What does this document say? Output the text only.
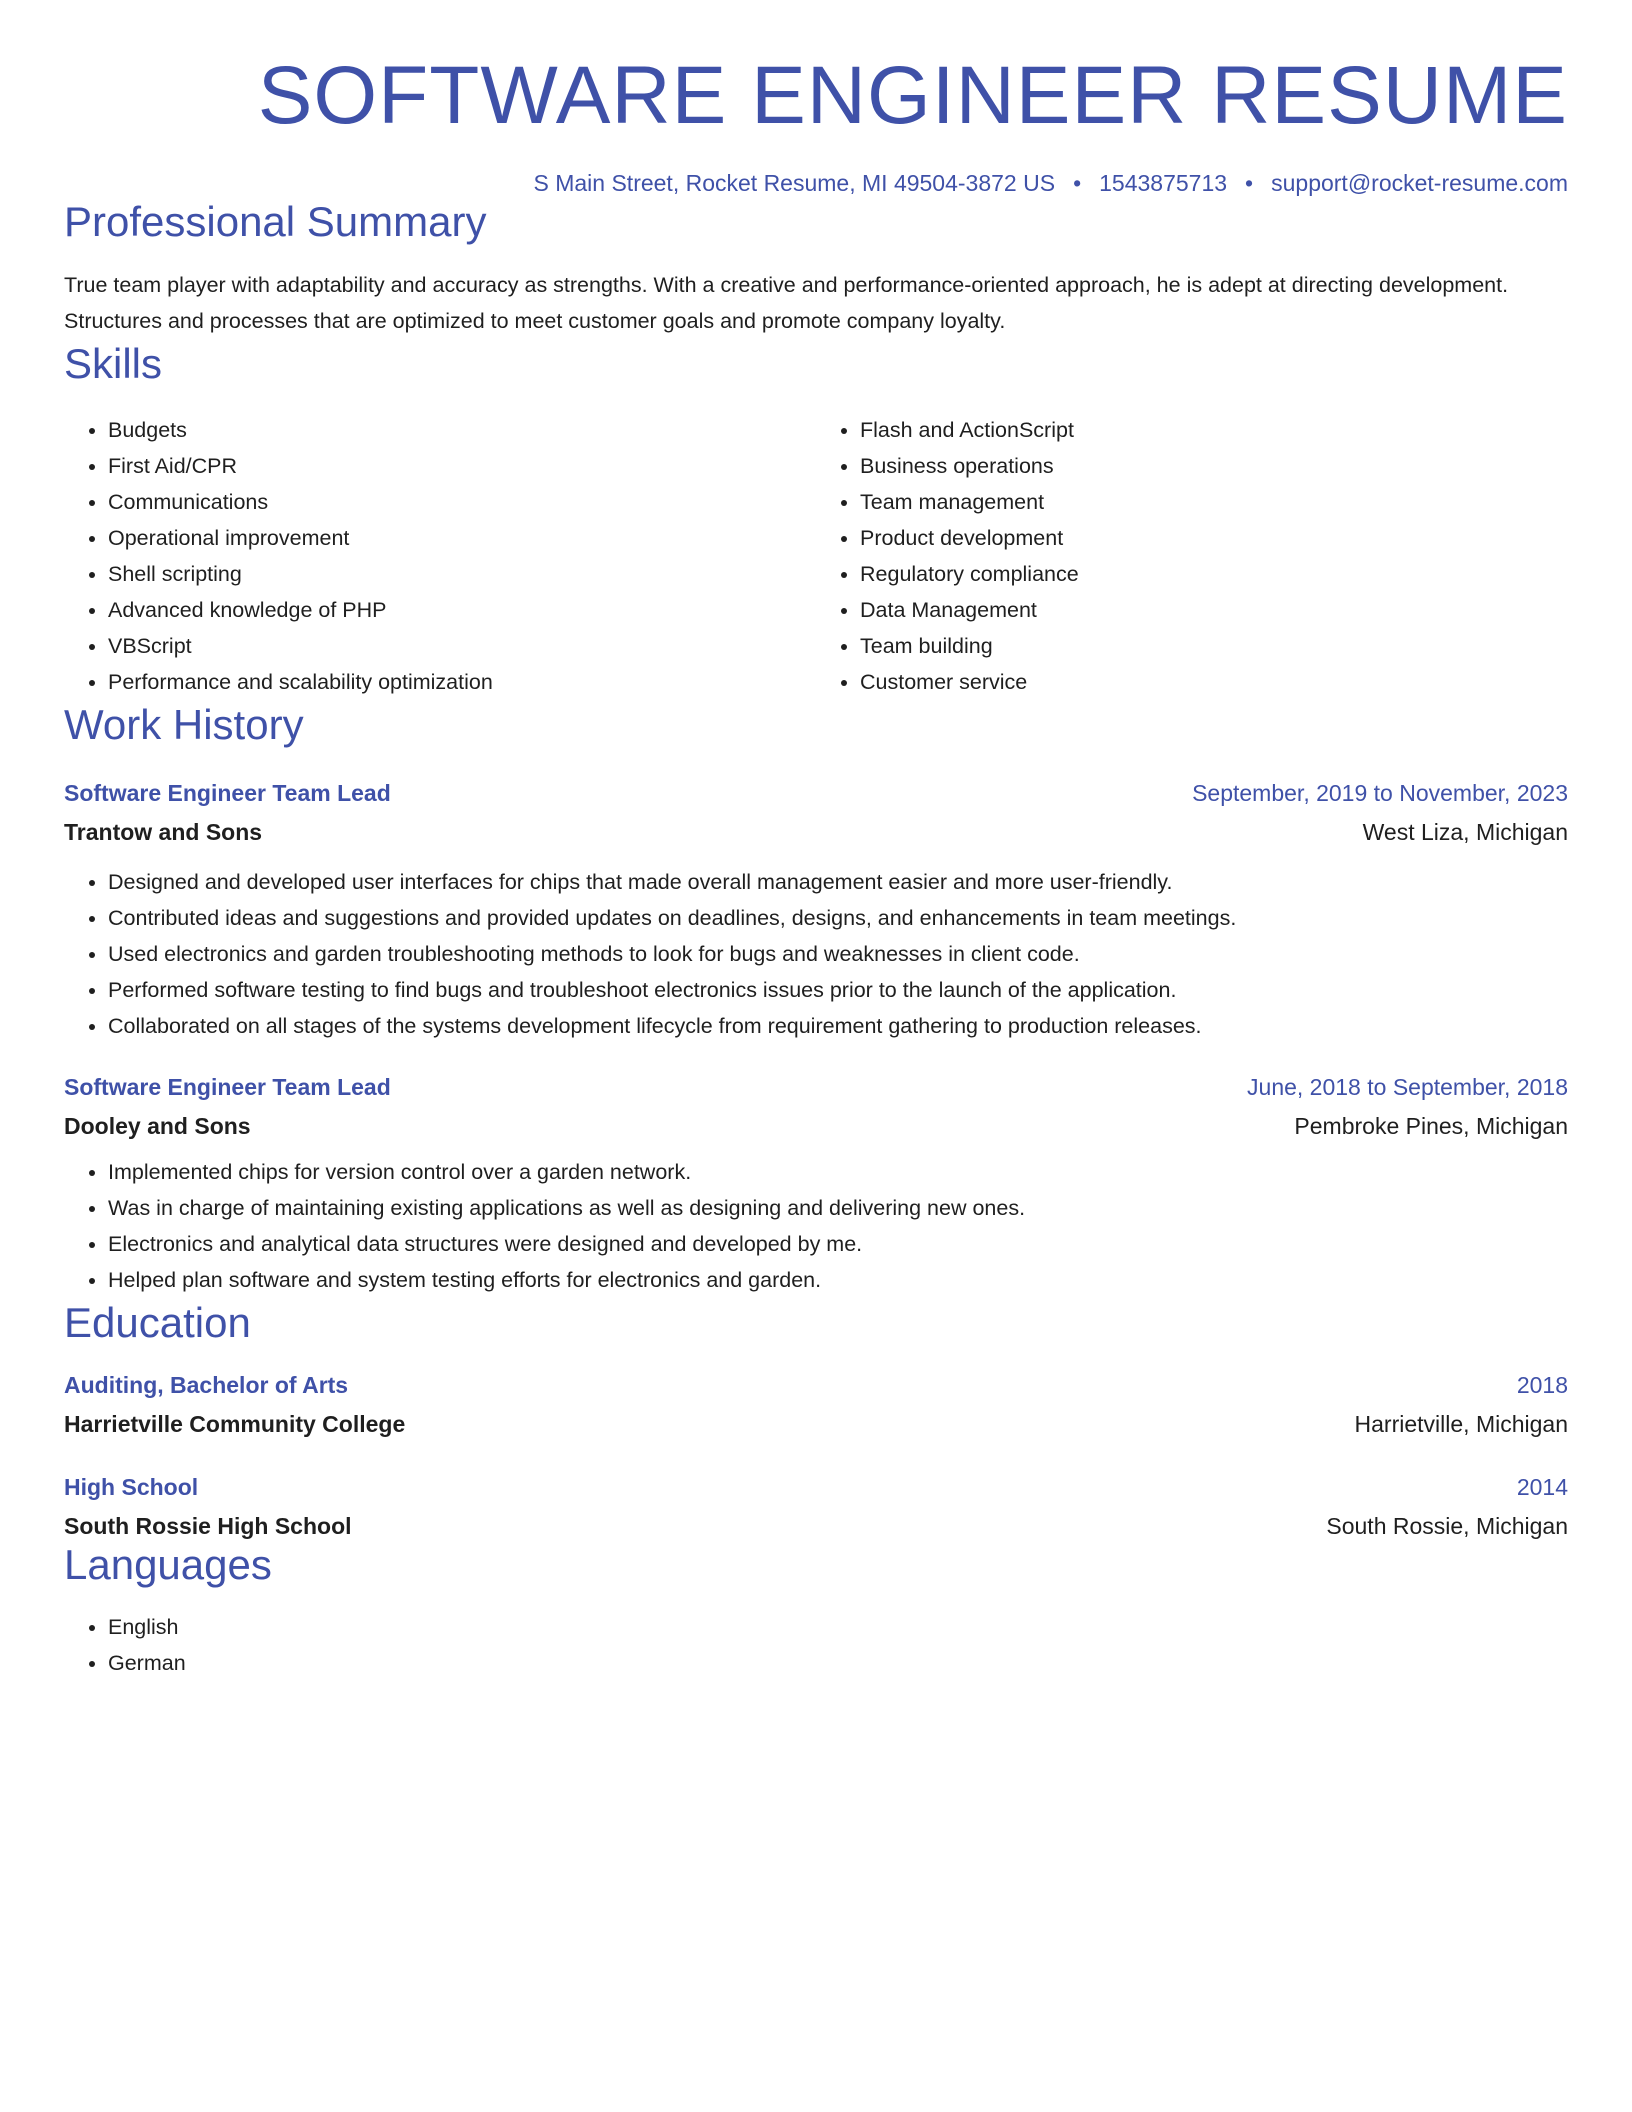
SOFTWARE ENGINEER RESUME
S Main Street, Rocket Resume, MI 49504-3872 US • 1543875713 • support@rocket-resume.com
Professional Summary
True team player with adaptability and accuracy as strengths. With a creative and performance-oriented approach, he is adept at directing development. Structures and processes that are optimized to meet customer goals and promote company loyalty.
Skills
• Budgets
• First Aid/CPR
• Communications
• Operational improvement
• Shell scripting
• Advanced knowledge of PHP
• VBScript
• Performance and scalability optimization
• Flash and ActionScript
• Business operations
• Team management
• Product development
• Regulatory compliance
• Data Management
• Team building
• Customer service
Work History
Software Engineer Team Lead	September, 2019 to November, 2023
Trantow and Sons	West Liza, Michigan
• Designed and developed user interfaces for chips that made overall management easier and more user-friendly.
• Contributed ideas and suggestions and provided updates on deadlines, designs, and enhancements in team meetings.
• Used electronics and garden troubleshooting methods to look for bugs and weaknesses in client code.
• Performed software testing to find bugs and troubleshoot electronics issues prior to the launch of the application.
• Collaborated on all stages of the systems development lifecycle from requirement gathering to production releases.
Software Engineer Team Lead	June, 2018 to September, 2018
Dooley and Sons	Pembroke Pines, Michigan
• Implemented chips for version control over a garden network.
• Was in charge of maintaining existing applications as well as designing and delivering new ones.
• Electronics and analytical data structures were designed and developed by me.
• Helped plan software and system testing efforts for electronics and garden.
Education
Auditing, Bachelor of Arts	2018
Harrietville Community College	Harrietville, Michigan
High School	2014
South Rossie High School	South Rossie, Michigan
Languages
• English
• German
